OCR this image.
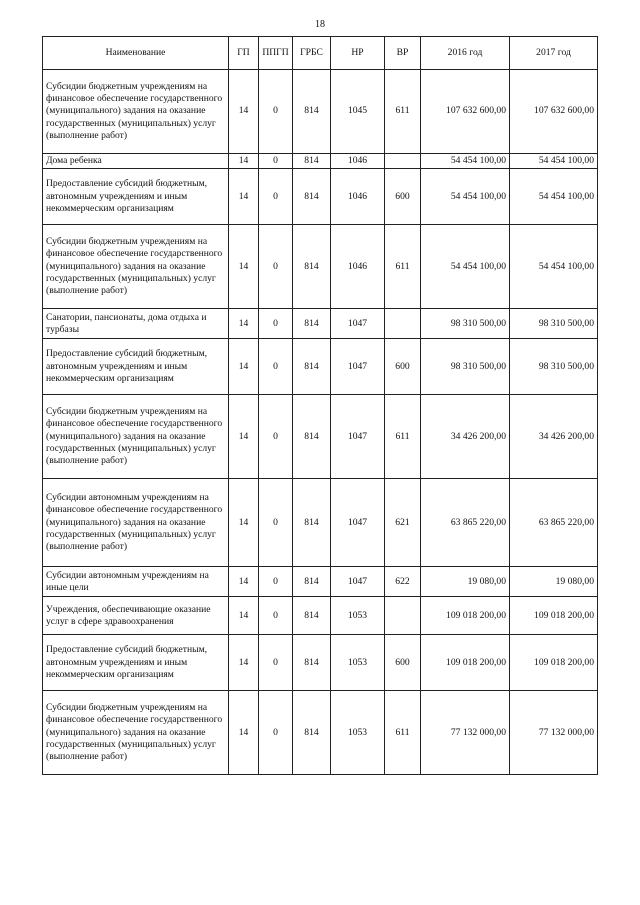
18
Наименование	ГП	ППГП	ГРБС	НР	ВР	2016 год	2017 год
Субсидии бюджетным учреждениям на финансовое обеспечение государственного (муниципального) задания на оказание государственных (муниципальных) услуг (выполнение работ)	14	0	814	1045	611	107 632 600,00	107 632 600,00
Дома ребенка	14	0	814	1046		54 454 100,00	54 454 100,00
Предоставление субсидий бюджетным, автономным учреждениям и иным некоммерческим организациям	14	0	814	1046	600	54 454 100,00	54 454 100,00
Субсидии бюджетным учреждениям на финансовое обеспечение государственного (муниципального) задания на оказание государственных (муниципальных) услуг (выполнение работ)	14	0	814	1046	611	54 454 100,00	54 454 100,00
Санатории, пансионаты, дома отдыха и турбазы	14	0	814	1047		98 310 500,00	98 310 500,00
Предоставление субсидий бюджетным, автономным учреждениям и иным некоммерческим организациям	14	0	814	1047	600	98 310 500,00	98 310 500,00
Субсидии бюджетным учреждениям на финансовое обеспечение государственного (муниципального) задания на оказание государственных (муниципальных) услуг (выполнение работ)	14	0	814	1047	611	34 426 200,00	34 426 200,00
Субсидии автономным учреждениям на финансовое обеспечение государственного (муниципального) задания на оказание государственных (муниципальных) услуг (выполнение работ)	14	0	814	1047	621	63 865 220,00	63 865 220,00
Субсидии автономным учреждениям на иные цели	14	0	814	1047	622	19 080,00	19 080,00
Учреждения, обеспечивающие оказание услуг в сфере здравоохранения	14	0	814	1053		109 018 200,00	109 018 200,00
Предоставление субсидий бюджетным, автономным учреждениям и иным некоммерческим организациям	14	0	814	1053	600	109 018 200,00	109 018 200,00
Субсидии бюджетным учреждениям на финансовое обеспечение государственного (муниципального) задания на оказание государственных (муниципальных) услуг (выполнение работ)	14	0	814	1053	611	77 132 000,00	77 132 000,00
